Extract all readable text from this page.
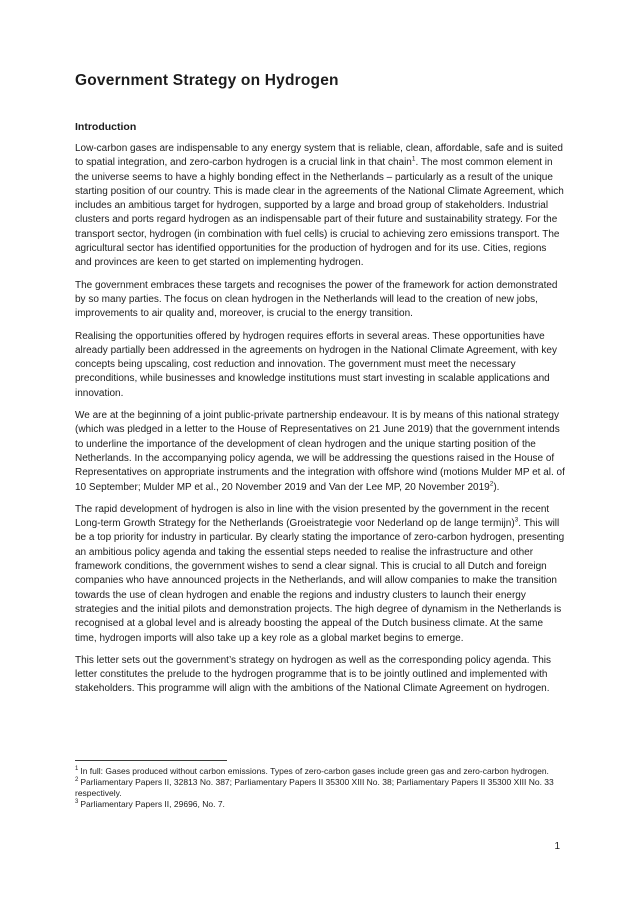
Government Strategy on Hydrogen
Introduction

Low-carbon gases are indispensable to any energy system that is reliable, clean, affordable, safe and is suited to spatial integration, and zero-carbon hydrogen is a crucial link in that chain$^1$. The most common element in the universe seems to have a highly bonding effect in the Netherlands – particularly as a result of the unique starting position of our country. This is made clear in the agreements of the National Climate Agreement, which includes an ambitious target for hydrogen, supported by a large and broad group of stakeholders. Industrial clusters and ports regard hydrogen as an indispensable part of their future and sustainability strategy. For the transport sector, hydrogen (in combination with fuel cells) is crucial to achieving zero emissions transport. The agricultural sector has identified opportunities for the production of hydrogen and for its use. Cities, regions and provinces are keen to get started on implementing hydrogen.

The government embraces these targets and recognises the power of the framework for action demonstrated by so many parties. The focus on clean hydrogen in the Netherlands will lead to the creation of new jobs, improvements to air quality and, moreover, is crucial to the energy transition.

Realising the opportunities offered by hydrogen requires efforts in several areas. These opportunities have already partially been addressed in the agreements on hydrogen in the National Climate Agreement, with key concepts being upscaling, cost reduction and innovation. The government must meet the necessary preconditions, while businesses and knowledge institutions must start investing in scalable applications and innovation.

We are at the beginning of a joint public-private partnership endeavour. It is by means of this national strategy (which was pledged in a letter to the House of Representatives on 21 June 2019) that the government intends to underline the importance of the development of clean hydrogen and the unique starting position of the Netherlands. In the accompanying policy agenda, we will be addressing the questions raised in the House of Representatives on appropriate instruments and the integration with offshore wind (motions Mulder MP et al. of 10 September; Mulder MP et al., 20 November 2019 and Van der Lee MP, 20 November 2019$^2$).

The rapid development of hydrogen is also in line with the vision presented by the government in the recent Long-term Growth Strategy for the Netherlands (Groeistrategie voor Nederland op de lange termijn)$^3$. This will be a top priority for industry in particular. By clearly stating the importance of zero-carbon hydrogen, presenting an ambitious policy agenda and taking the essential steps needed to realise the infrastructure and other framework conditions, the government wishes to send a clear signal. This is crucial to all Dutch and foreign companies who have announced projects in the Netherlands, and will allow companies to make the transition towards the use of clean hydrogen and enable the regions and industry clusters to launch their energy strategies and the initial pilots and demonstration projects. The high degree of dynamism in the Netherlands is recognised at a global level and is already boosting the appeal of the Dutch business climate. At the same time, hydrogen imports will also take up a key role as a global market begins to emerge.

This letter sets out the government’s strategy on hydrogen as well as the corresponding policy agenda. This letter constitutes the prelude to the hydrogen programme that is to be jointly outlined and implemented with stakeholders. This programme will align with the ambitions of the National Climate Agreement on hydrogen.

$^1$ In full: Gases produced without carbon emissions. Types of zero-carbon gases include green gas and zero-carbon hydrogen.
$^2$ Parliamentary Papers II, 32813 No. 387; Parliamentary Papers II 35300 XIII No. 38; Parliamentary Papers II 35300 XIII No. 33 respectively.
$^3$ Parliamentary Papers II, 29696, No. 7.
1
